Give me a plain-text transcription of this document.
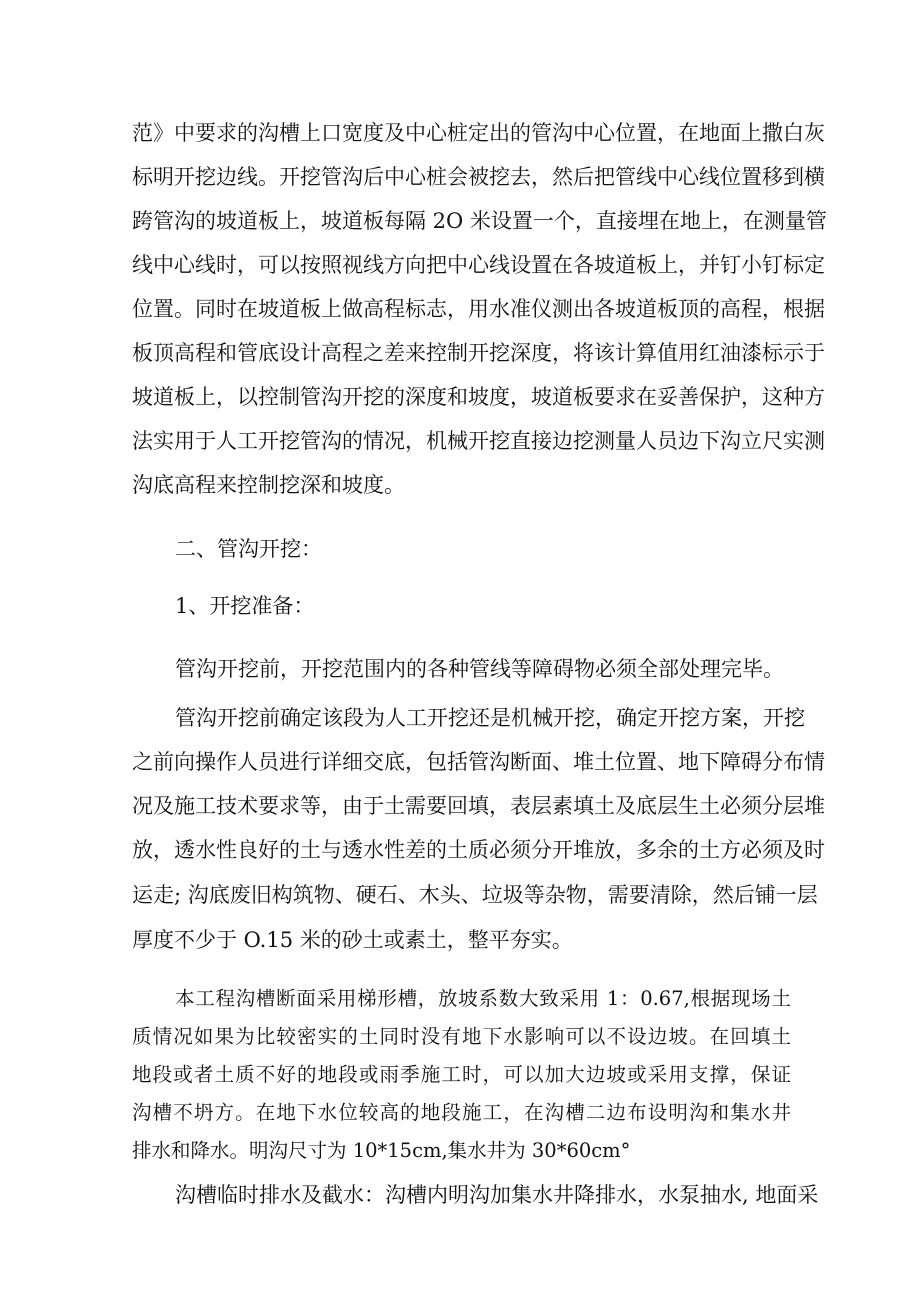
范》中要求的沟槽上口宽度及中心桩定出的管沟中心位置，在地面上撒白灰
标明开挖边线。开挖管沟后中心桩会被挖去，然后把管线中心线位置移到横
跨管沟的坡道板上，坡道板每隔 2O 米设置一个，直接埋在地上，在测量管
线中心线时，可以按照视线方向把中心线设置在各坡道板上，并钉小钉标定
位置。同时在坡道板上做高程标志，用水准仪测出各坡道板顶的高程，根据
板顶高程和管底设计高程之差来控制开挖深度，将该计算值用红油漆标示于
坡道板上，以控制管沟开挖的深度和坡度，坡道板要求在妥善保护，这种方
法实用于人工开挖管沟的情况，机械开挖直接边挖测量人员边下沟立尺实测
沟底高程来控制挖深和坡度。
二、管沟开挖：
1、开挖准备：
管沟开挖前，开挖范围内的各种管线等障碍物必须全部处理完毕。
管沟开挖前确定该段为人工开挖还是机械开挖，确定开挖方案，开挖
之前向操作人员进行详细交底，包括管沟断面、堆土位置、地下障碍分布情
况及施工技术要求等，由于土需要回填，表层素填土及底层生土必须分层堆
放，透水性良好的土与透水性差的土质必须分开堆放，多余的土方必须及时
运走; 沟底废旧构筑物、硬石、木头、垃圾等杂物，需要清除，然后铺一层
厚度不少于 O.15 米的砂土或素土，整平夯实。
本工程沟槽断面采用梯形槽，放坡系数大致采用 1：0.67,根据现场土
质情况如果为比较密实的土同时没有地下水影响可以不设边坡。在回填土
地段或者土质不好的地段或雨季施工时，可以加大边坡或采用支撑，保证
沟槽不坍方。在地下水位较高的地段施工，在沟槽二边布设明沟和集水井
排水和降水。明沟尺寸为 10*15cm,集水井为 30*60cm°
沟槽临时排水及截水：沟槽内明沟加集水井降排水，水泵抽水, 地面采
